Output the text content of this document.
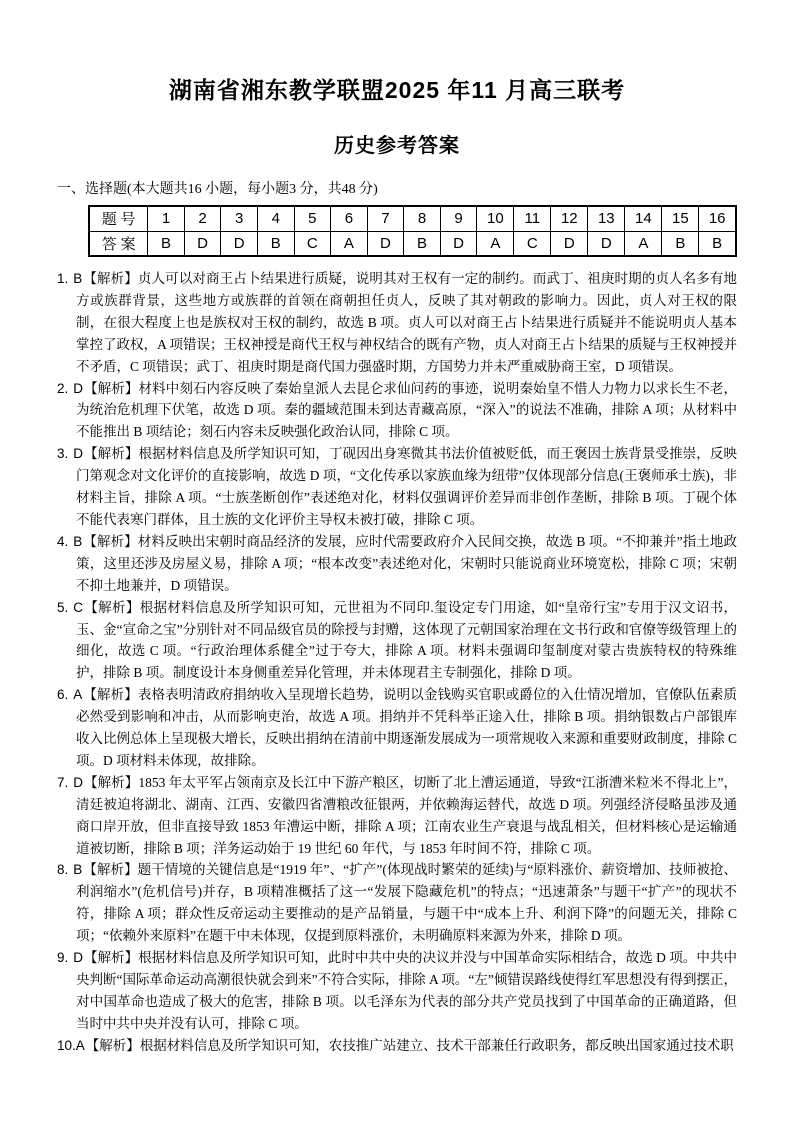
湖南省湘东教学联盟2025 年11 月高三联考
历史参考答案
一、选择题(本大题共16 小题，每小题3 分，共48 分)
题 号	1	2	3	4	5	6	7	8	9	10	11	12	13	14	15	16
答 案	B	D	D	B	C	A	D	B	D	A	C	D	D	A	B	B

1. B【解析】贞人可以对商王占卜结果进行质疑，说明其对王权有一定的制约。而武丁、祖庚时期的贞人名多有地方或族群背景，这些地方或族群的首领在商朝担任贞人，反映了其对朝政的影响力。因此，贞人对王权的限制，在很大程度上也是族权对王权的制约，故选 B 项。贞人可以对商王占卜结果进行质疑并不能说明贞人基本掌控了政权，A 项错误；王权神授是商代王权与神权结合的既有产物，贞人对商王占卜结果的质疑与王权神授并不矛盾，C 项错误；武丁、祖庚时期是商代国力强盛时期，方国势力并未严重威胁商王室，D 项错误。

2. D【解析】材料中刻石内容反映了秦始皇派人去昆仑求仙问药的事迹，说明秦始皇不惜人力物力以求长生不老，为统治危机理下伏笔，故选 D 项。秦的疆域范围未到达青藏高原，“深入”的说法不准确，排除 A 项；从材料中不能推出 B 项结论；刻石内容未反映强化政治认同，排除 C 项。

3. D【解析】根据材料信息及所学知识可知，丁砚因出身寒微其书法价值被贬低，而王褒因士族背景受推崇，反映门第观念对文化评价的直接影响，故选 D 项，“文化传承以家族血缘为纽带”仅体现部分信息(王褒师承士族)，非材料主旨，排除 A 项。“士族垄断创作”表述绝对化，材料仅强调评价差异而非创作垄断，排除 B 项。丁砚个体不能代表寒门群体，且士族的文化评价主导权未被打破，排除 C 项。

4. B【解析】材料反映出宋朝时商品经济的发展，应时代需要政府介入民间交换，故选 B 项。“不抑兼并”指土地政策，这里还涉及房屋义易，排除 A 项；“根本改变”表述绝对化，宋朝时只能说商业环境宽松，排除 C 项；宋朝不抑土地兼并，D 项错误。

5. C【解析】根据材料信息及所学知识可知，元世祖为不同印.玺设定专门用途，如“皇帝行宝”专用于汉文诏书，玉、金“宣命之宝”分别针对不同品级官员的除授与封赠，这体现了元朝国家治理在文书行政和官僚等级管理上的细化，故选 C 项。“行政治理体系健全”过于夸大，排除 A 项。材料未强调印玺制度对蒙古贵族特权的特殊维护，排除 B 项。制度设计本身侧重差异化管理，并未体现君主专制强化，排除 D 项。

6. A【解析】表格表明清政府捐纳收入呈现增长趋势，说明以金钱购买官职或爵位的入仕情况增加，官僚队伍素质必然受到影响和冲击，从而影响吏治，故选 A 项。捐纳并不凭科举正途入仕，排除 B 项。捐纳银数占户部银库收入比例总体上呈现极大增长，反映出捐纳在清前中期逐渐发展成为一项常规收入来源和重要财政制度，排除 C 项。D 项材料未体现，故排除。

7. D【解析】1853 年太平军占领南京及长江中下游产粮区，切断了北上漕运通道，导致“江浙漕米粒米不得北上”，清廷被迫将湖北、湖南、江西、安徽四省漕粮改征银两，并依赖海运替代，故选 D 项。列强经济侵略虽涉及通商口岸开放，但非直接导致 1853 年漕运中断，排除 A 项；江南农业生产衰退与战乱相关，但材料核心是运输通道被切断，排除 B 项；洋务运动始于 19 世纪 60 年代，与 1853 年时间不符，排除 C 项。

8. B【解析】题干情境的关键信息是“1919 年”、“扩产”(体现战时繁荣的延续)与“原料涨价、薪资增加、技师被抢、利润缩水”(危机信号)并存，B 项精准概括了这一“发展下隐藏危机”的特点；“迅速萧条”与题干“扩产”的现状不符，排除 A 项；群众性反帝运动主要推动的是产品销量，与题干中“成本上升、利润下降”的问题无关，排除 C 项；“依赖外来原料”在题干中未体现，仅提到原料涨价，未明确原料来源为外来，排除 D 项。

9. D【解析】根据材料信息及所学知识可知，此时中共中央的决议并没与中国革命实际相结合，故选 D 项。中共中央判断“国际革命运动高潮很快就会到来”不符合实际，排除 A 项。“左”倾错误路线使得红军思想没有得到摆正，对中国革命也造成了极大的危害，排除 B 项。以毛泽东为代表的部分共产党员找到了中国革命的正确道路，但当时中共中央并没有认可，排除 C 项。

10.A【解析】根据材料信息及所学知识可知，农技推广站建立、技术干部兼任行政职务，都反映出国家通过技术职
